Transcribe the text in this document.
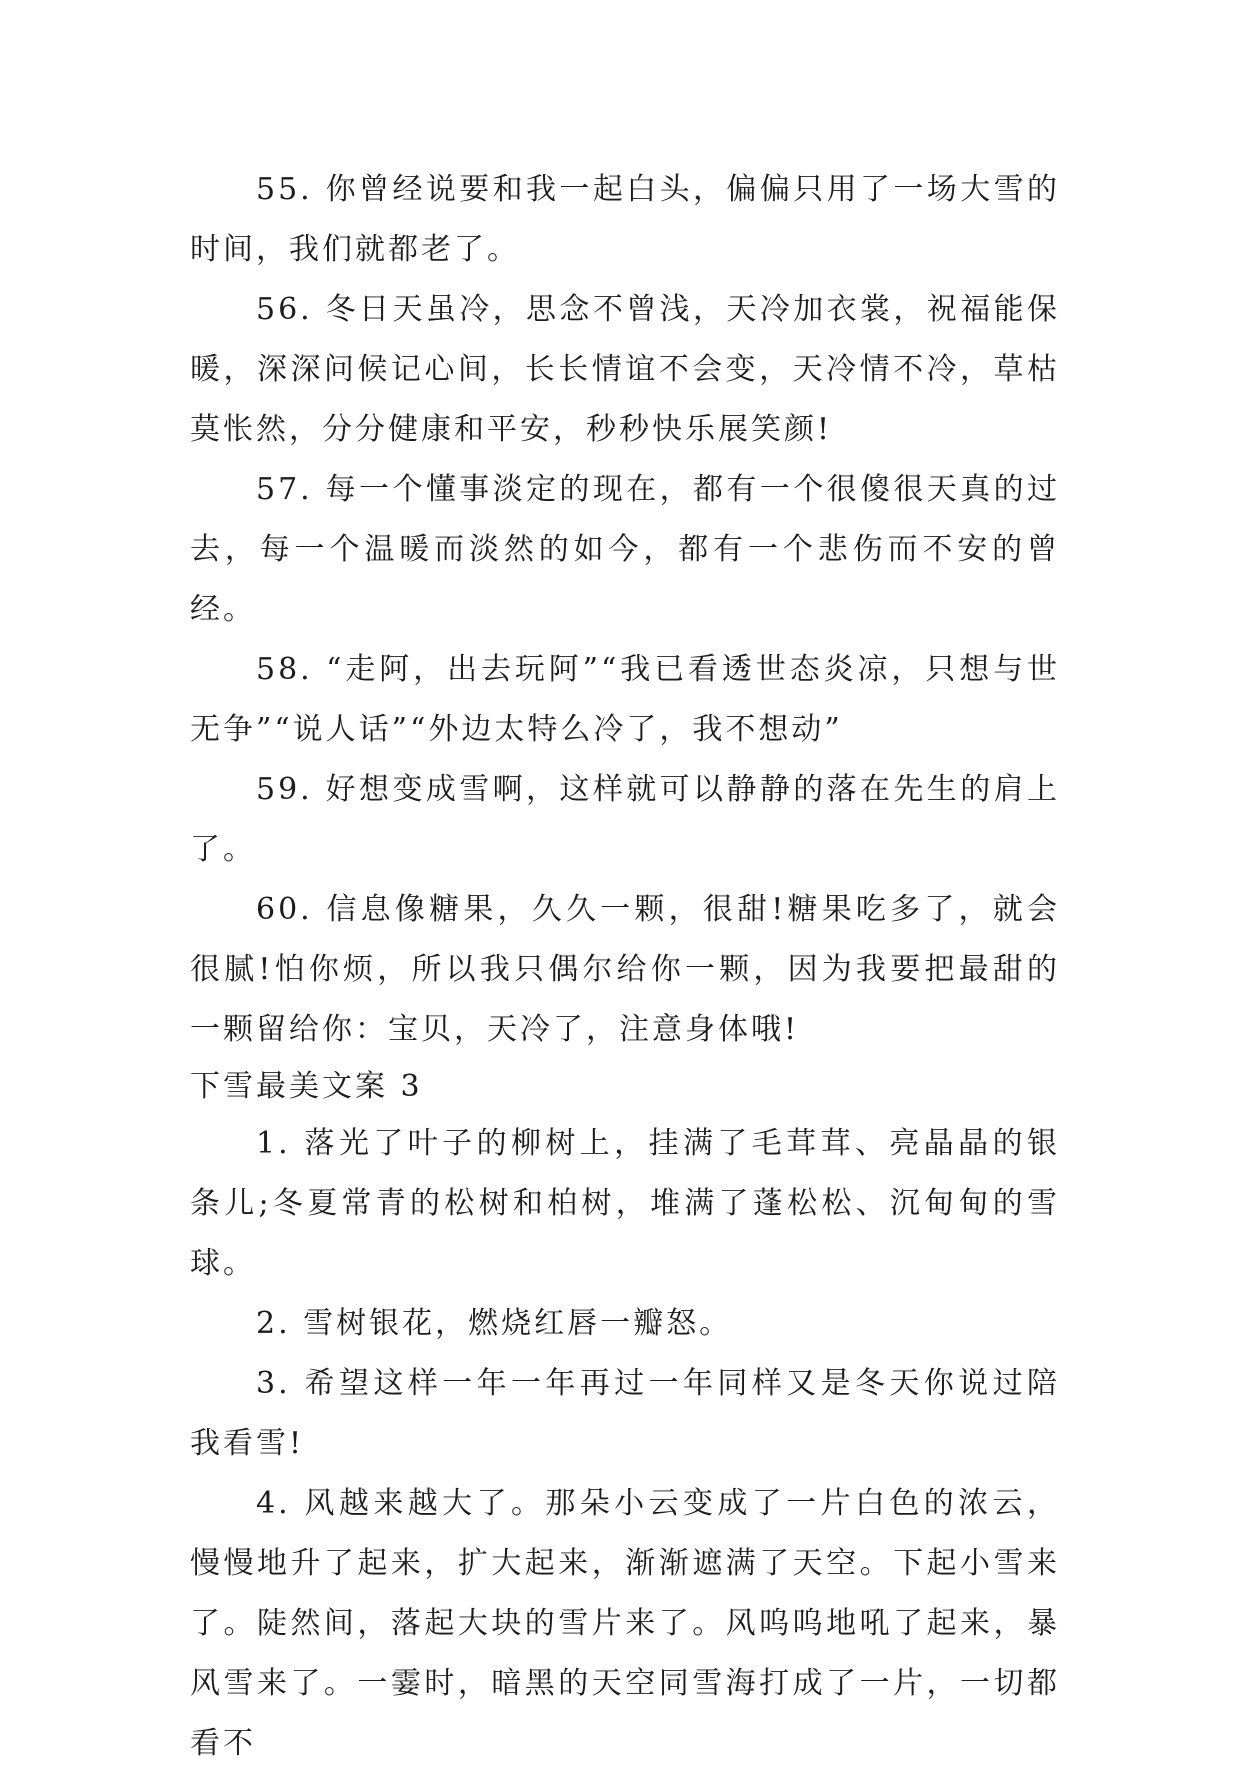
55. 你曾经说要和我一起白头，偏偏只用了一场大雪的时间，我们就都老了。

56. 冬日天虽冷，思念不曾浅，天冷加衣裳，祝福能保暖，深深问候记心间，长长情谊不会变，天冷情不冷，草枯莫怅然，分分健康和平安，秒秒快乐展笑颜!

57. 每一个懂事淡定的现在，都有一个很傻很天真的过去，每一个温暖而淡然的如今，都有一个悲伤而不安的曾经。

58. “走阿，出去玩阿”“我已看透世态炎凉，只想与世无争”“说人话”“外边太特么冷了，我不想动”

59. 好想变成雪啊，这样就可以静静的落在先生的肩上了。

60. 信息像糖果，久久一颗，很甜!糖果吃多了，就会很腻!怕你烦，所以我只偶尔给你一颗，因为我要把最甜的一颗留给你：宝贝，天冷了，注意身体哦!

下雪最美文案 3

1. 落光了叶子的柳树上，挂满了毛茸茸、亮晶晶的银条儿;冬夏常青的松树和柏树，堆满了蓬松松、沉甸甸的雪球。

2. 雪树银花，燃烧红唇一瓣怒。

3. 希望这样一年一年再过一年同样又是冬天你说过陪我看雪!

4. 风越来越大了。那朵小云变成了一片白色的浓云，慢慢地升了起来，扩大起来，渐渐遮满了天空。下起小雪来了。陡然间，落起大块的雪片来了。风呜呜地吼了起来，暴风雪来了。一霎时，暗黑的天空同雪海打成了一片，一切都看不
